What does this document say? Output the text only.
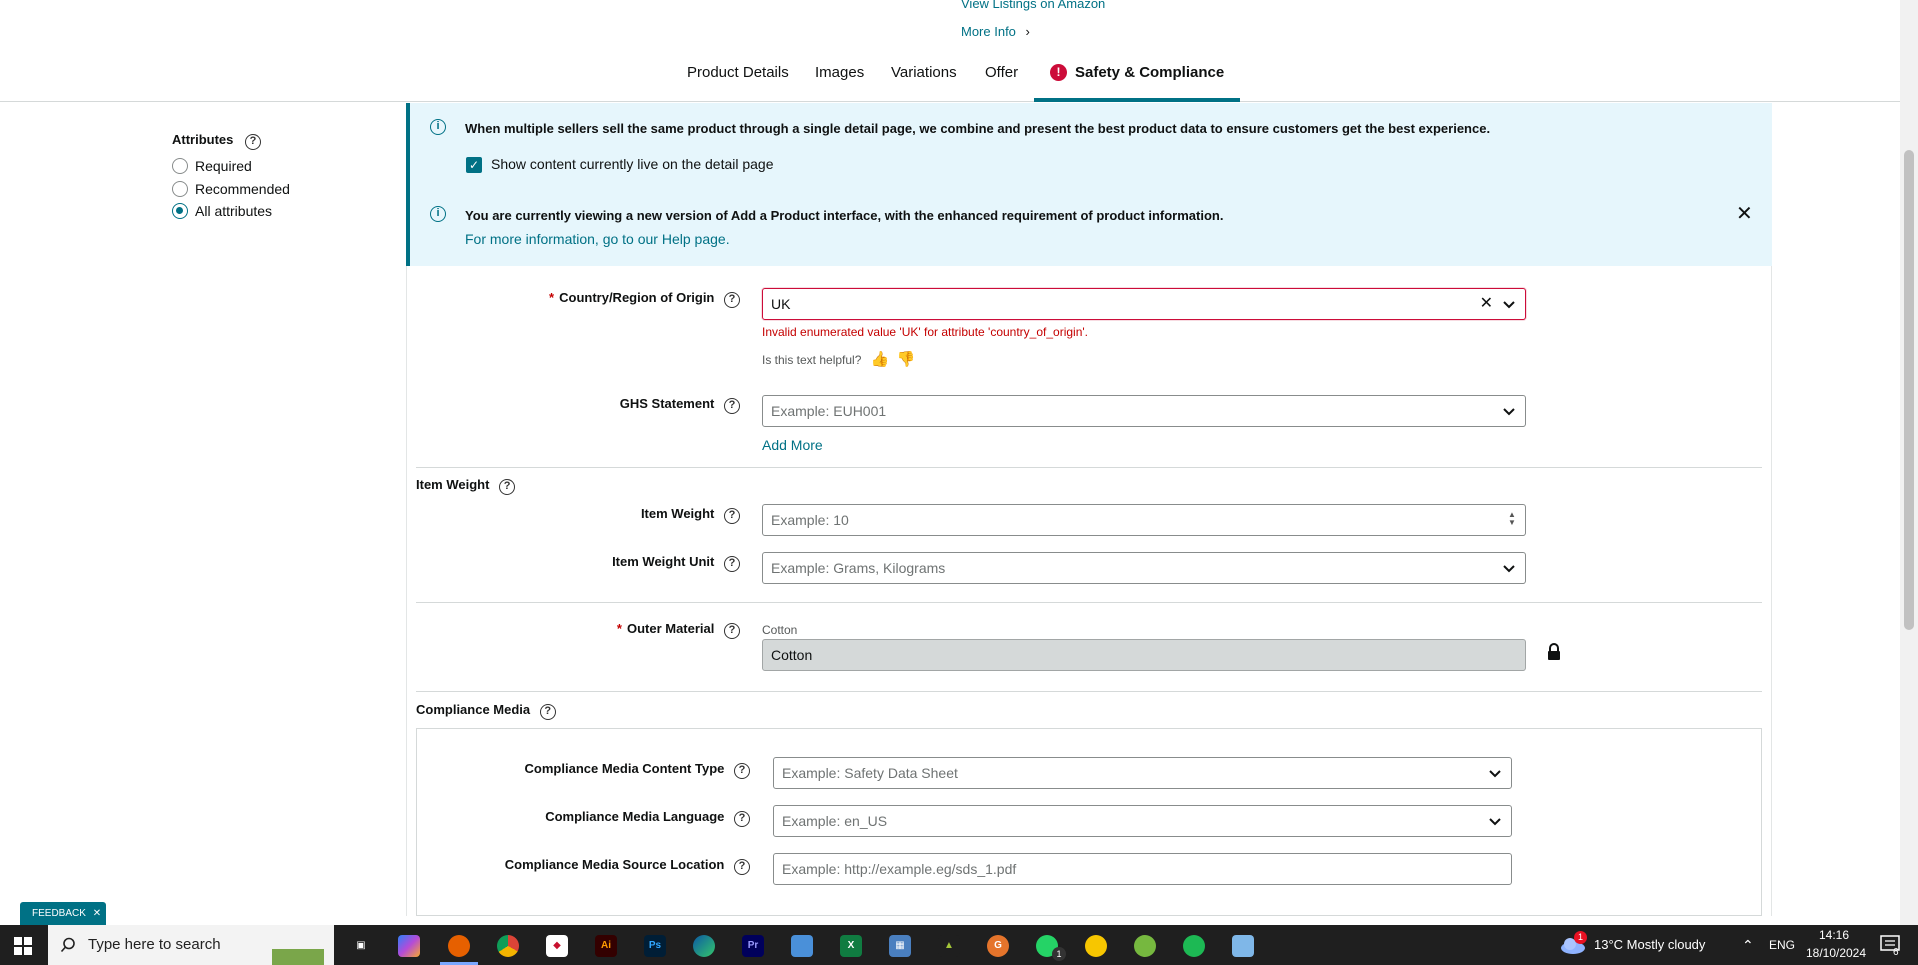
View Listings on Amazon
More Info ›
Product Details Images Variations Offer	! Safety & Compliance
Attributes ?
Required
Recommended
All attributes
i	When multiple sellers sell the same product through a single detail page, we combine and present the best product data to ensure customers get the best experience.
✓ Show content currently live on the detail page
i	You are currently viewing a new version of Add a Product interface, with the enhanced requirement of product information.
For more information, go to our Help page.
✕
* Country/Region of Origin ?	UK	✕
Invalid enumerated value 'UK' for attribute 'country_of_origin'.
Is this text helpful? 👍 👎
GHS Statement ?	Example: EUH001
Add More
Item Weight ?
Item Weight ?	Example: 10	▲
▼
Item Weight Unit ?	Example: Grams, Kilograms
* Outer Material ?	Cotton
Cotton
Compliance Media ?
Compliance Media Content Type ?	Example: Safety Data Sheet
Compliance Media Language ?	Example: en_US
Compliance Media Source Location ?	Example: http://example.eg/sds_1.pdf
FEEDBACK ✕
Type here to search	▣	◆	Ai	Ps	Pr	X	▦	▲	G
1
1 13°C Mostly cloudy	⌃ ENG
14:16
18/10/2024	6
